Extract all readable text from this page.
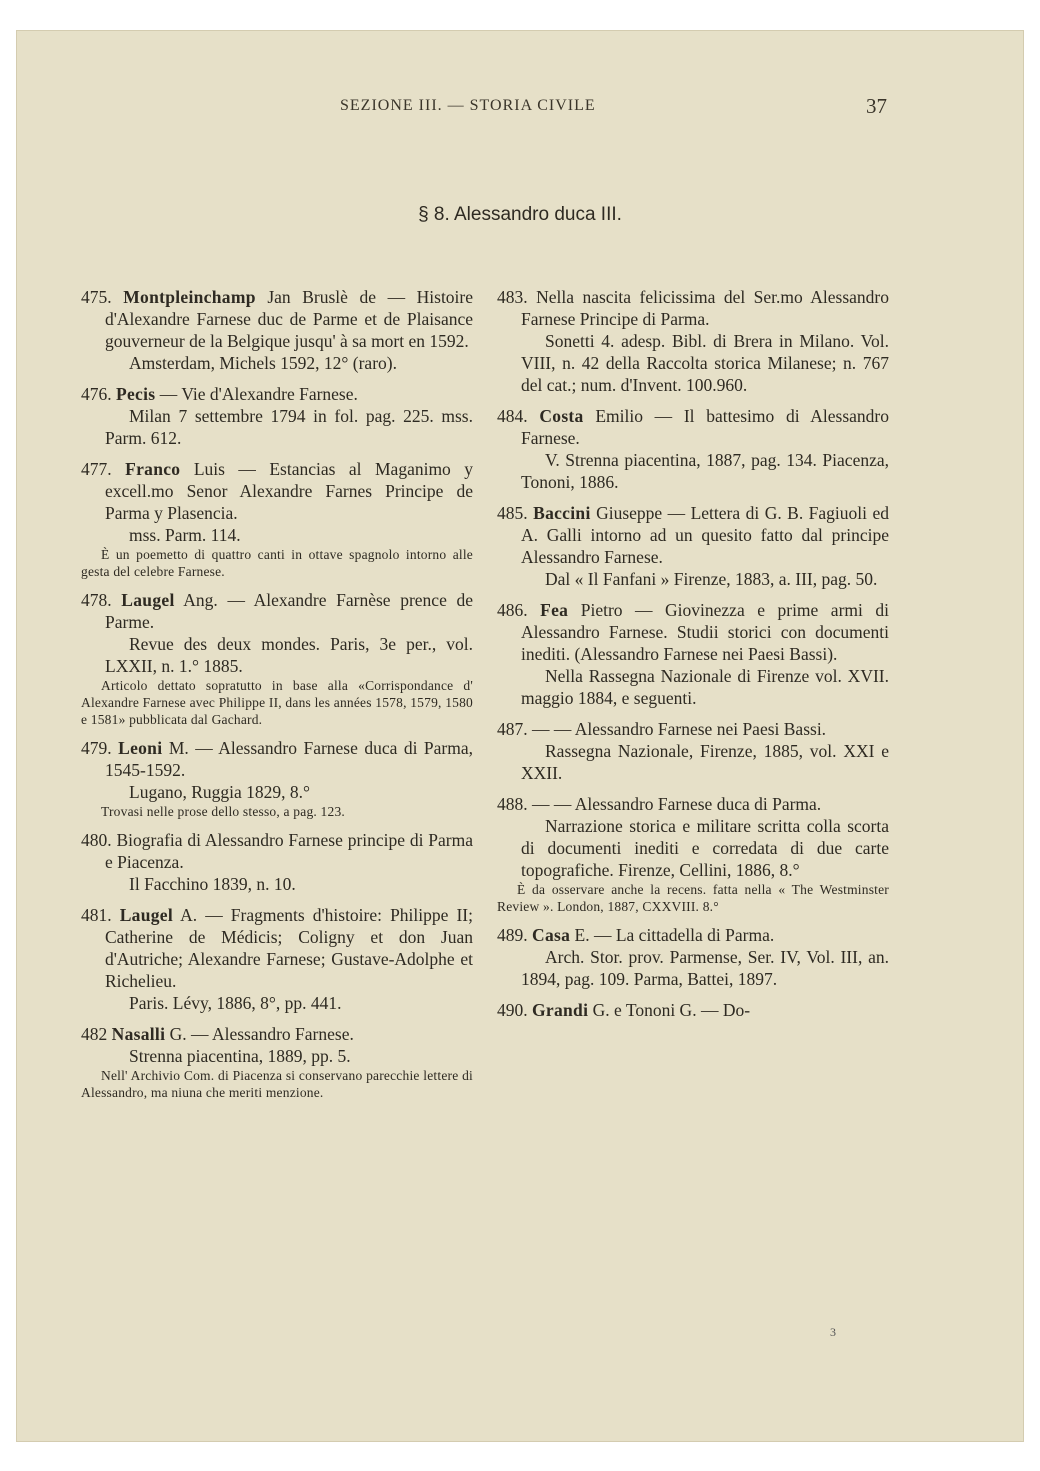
SEZIONE III. — STORIA CIVILE	37
§ 8. Alessandro duca III.

475. Montpleinchamp Jan Bruslè de — Histoire d'Alexandre Farnese duc de Parme et de Plaisance gouverneur de la Belgique jusqu' à sa mort en 1592.

Amsterdam, Michels 1592, 12° (raro).

476. Pecis — Vie d'Alexandre Farnese.

Milan 7 settembre 1794 in fol. pag. 225. mss. Parm. 612.

477. Franco Luis — Estancias al Maganimo y excell.mo Senor Alexandre Farnes Principe de Parma y Plasencia.

mss. Parm. 114.

È un poemetto di quattro canti in ottave spagnolo intorno alle gesta del celebre Farnese.

478. Laugel Ang. — Alexandre Farnèse prence de Parme.

Revue des deux mondes. Paris, 3e per., vol. LXXII, n. 1.° 1885.

Articolo dettato sopratutto in base alla «Corrispondance d' Alexandre Farnese avec Philippe II, dans les années 1578, 1579, 1580 e 1581» pubblicata dal Gachard.

479. Leoni M. — Alessandro Farnese duca di Parma, 1545-1592.

Lugano, Ruggia 1829, 8.°

Trovasi nelle prose dello stesso, a pag. 123.

480. Biografia di Alessandro Farnese principe di Parma e Piacenza.

Il Facchino 1839, n. 10.

481. Laugel A. — Fragments d'histoire: Philippe II; Catherine de Médicis; Coligny et don Juan d'Autriche; Alexandre Farnese; Gustave-Adolphe et Richelieu.

Paris. Lévy, 1886, 8°, pp. 441.

482 Nasalli G. — Alessandro Farnese.

Strenna piacentina, 1889, pp. 5.

Nell' Archivio Com. di Piacenza si conservano parecchie lettere di Alessandro, ma niuna che meriti menzione.

483. Nella nascita felicissima del Ser.mo Alessandro Farnese Principe di Parma.

Sonetti 4. adesp. Bibl. di Brera in Milano. Vol. VIII, n. 42 della Raccolta storica Milanese; n. 767 del cat.; num. d'Invent. 100.960.

484. Costa Emilio — Il battesimo di Alessandro Farnese.

V. Strenna piacentina, 1887, pag. 134. Piacenza, Tononi, 1886.

485. Baccini Giuseppe — Lettera di G. B. Fagiuoli ed A. Galli intorno ad un quesito fatto dal principe Alessandro Farnese.

Dal « Il Fanfani » Firenze, 1883, a. III, pag. 50.

486. Fea Pietro — Giovinezza e prime armi di Alessandro Farnese. Studii storici con documenti inediti. (Alessandro Farnese nei Paesi Bassi).

Nella Rassegna Nazionale di Firenze vol. XVII. maggio 1884, e seguenti.

487. — — Alessandro Farnese nei Paesi Bassi.

Rassegna Nazionale, Firenze, 1885, vol. XXI e XXII.

488. — — Alessandro Farnese duca di Parma.

Narrazione storica e militare scritta colla scorta di documenti inediti e corredata di due carte topografiche. Firenze, Cellini, 1886, 8.°

È da osservare anche la recens. fatta nella « The Westminster Review ». London, 1887, CXXVIII. 8.°

489. Casa E. — La cittadella di Parma.

Arch. Stor. prov. Parmense, Ser. IV, Vol. III, an. 1894, pag. 109. Parma, Battei, 1897.

490. Grandi G. e Tononi G. — Do-

3
